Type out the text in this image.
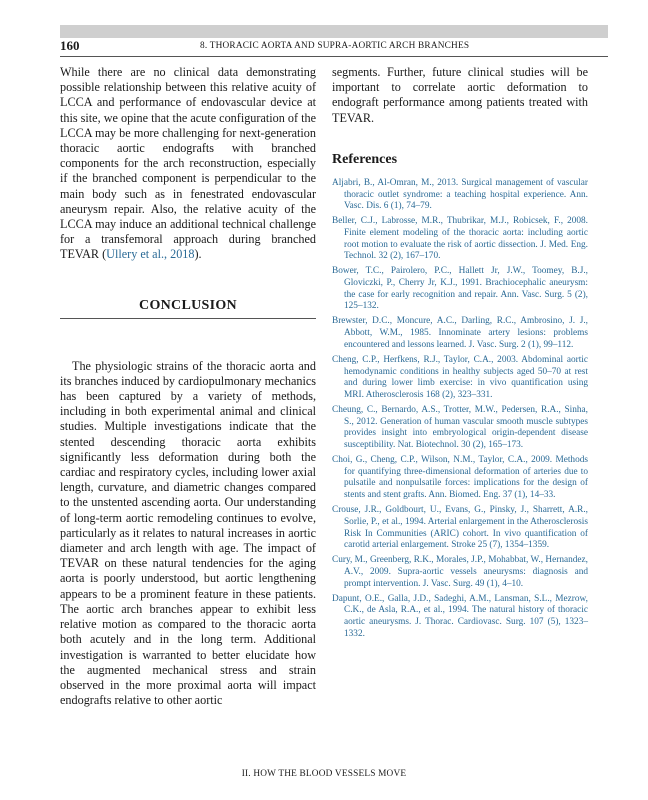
160	8. THORACIC AORTA AND SUPRA-AORTIC ARCH BRANCHES

While there are no clinical data demonstrating possible relationship between this relative acuity of LCCA and performance of endovascular device at this site, we opine that the acute configuration of the LCCA may be more challenging for next-generation thoracic aortic endografts with branched components for the arch reconstruction, especially if the branched component is perpendicular to the main body such as in fenestrated endovascular aneurysm repair. Also, the relative acuity of the LCCA may induce an additional technical challenge for a transfemoral approach during branched TEVAR (Ullery et al., 2018).

CONCLUSION

The physiologic strains of the thoracic aorta and its branches induced by cardiopulmonary mechanics has been captured by a variety of methods, including in both experimental animal and clinical studies. Multiple investigations indicate that the stented descending thoracic aorta exhibits significantly less deformation during both the cardiac and respiratory cycles, including lower axial length, curvature, and diametric changes compared to the unstented ascending aorta. Our understanding of long-term aortic remodeling continues to evolve, particularly as it relates to natural increases in aortic diameter and arch length with age. The impact of TEVAR on these natural tendencies for the aging aorta is poorly understood, but aortic lengthening appears to be a prominent feature in these patients. The aortic arch branches appear to exhibit less relative motion as compared to the thoracic aorta both acutely and in the long term. Additional investigation is warranted to better elucidate how the augmented mechanical stress and strain observed in the more proximal aorta will impact endografts relative to other aortic

segments. Further, future clinical studies will be important to correlate aortic deformation to endograft performance among patients treated with TEVAR.

References
Aljabri, B., Al-Omran, M., 2013. Surgical management of vascular thoracic outlet syndrome: a teaching hospital experience. Ann. Vasc. Dis. 6 (1), 74–79.
Beller, C.J., Labrosse, M.R., Thubrikar, M.J., Robicsek, F., 2008. Finite element modeling of the thoracic aorta: including aortic root motion to evaluate the risk of aortic dissection. J. Med. Eng. Technol. 32 (2), 167–170.
Bower, T.C., Pairolero, P.C., Hallett Jr, J.W., Toomey, B.J., Gloviczki, P., Cherry Jr, K.J., 1991. Brachiocephalic aneurysm: the case for early recognition and repair. Ann. Vasc. Surg. 5 (2), 125–132.
Brewster, D.C., Moncure, A.C., Darling, R.C., Ambrosino, J. J., Abbott, W.M., 1985. Innominate artery lesions: problems encountered and lessons learned. J. Vasc. Surg. 2 (1), 99–112.
Cheng, C.P., Herfkens, R.J., Taylor, C.A., 2003. Abdominal aortic hemodynamic conditions in healthy subjects aged 50–70 at rest and during lower limb exercise: in vivo quantification using MRI. Atherosclerosis 168 (2), 323–331.
Cheung, C., Bernardo, A.S., Trotter, M.W., Pedersen, R.A., Sinha, S., 2012. Generation of human vascular smooth muscle subtypes provides insight into embryological origin-dependent disease susceptibility. Nat. Biotechnol. 30 (2), 165–173.
Choi, G., Cheng, C.P., Wilson, N.M., Taylor, C.A., 2009. Methods for quantifying three-dimensional deformation of arteries due to pulsatile and nonpulsatile forces: implications for the design of stents and stent grafts. Ann. Biomed. Eng. 37 (1), 14–33.
Crouse, J.R., Goldbourt, U., Evans, G., Pinsky, J., Sharrett, A.R., Sorlie, P., et al., 1994. Arterial enlargement in the Atherosclerosis Risk In Communities (ARIC) cohort. In vivo quantification of carotid arterial enlargement. Stroke 25 (7), 1354–1359.
Cury, M., Greenberg, R.K., Morales, J.P., Mohabbat, W., Hernandez, A.V., 2009. Supra-aortic vessels aneurysms: diagnosis and prompt intervention. J. Vasc. Surg. 49 (1), 4–10.
Dapunt, O.E., Galla, J.D., Sadeghi, A.M., Lansman, S.L., Mezrow, C.K., de Asla, R.A., et al., 1994. The natural history of thoracic aortic aneurysms. J. Thorac. Cardiovasc. Surg. 107 (5), 1323–1332.
II. HOW THE BLOOD VESSELS MOVE
